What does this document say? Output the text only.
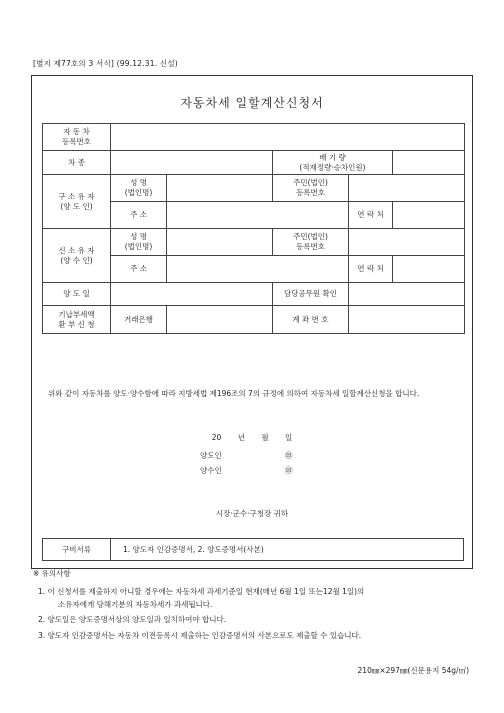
[별지 제77호의 3 서식] (99.12.31. 신설)
자동차세 일할계산신청서
자 동 차
등록번호					
차 종			배 기 량
(적재정량·승차인원)		
구 소 유 자
(양 도 인)	성 명
(법인명)		주민(법인)
등록번호		
	주 소			연 락 처	
신 소 유 자
(양 수 인)	성 명
(법인명)		주민(법인)
등록번호		
	주 소			연 락 처	
양 도 일			담당공무원 확인		
기납부세액
환 부 신 청	거래은행		계 좌 번 호		
위와 같이 자동차를 양도·양수함에 따라 지방세법 제196조의 7의 규정에 의하여 자동차세 일할계산신청을 합니다.
20 년 월 일
양도인	㊞
양수인	㊞
시장·군수·구청장 귀하
구비서류	1. 양도자 인감증명서, 2. 양도증명서(사본)
※ 유의사항
1. 이 신청서를 제출하지 아니할 경우에는 자동차세 과세기준일 현재(매년 6월 1일 또는12월 1일)의
소유자에게 당해기분의 자동차세가 과세됩니다.
2. 양도일은 양도증명서상의 양도일과 일치하여야 합니다.
3. 양도자 인감증명서는 자동차 이전등록시 제출하는 인감증명서의 사본으로도 제출할 수 있습니다.
210㎜×297㎜(신문용지 54g/㎡)
